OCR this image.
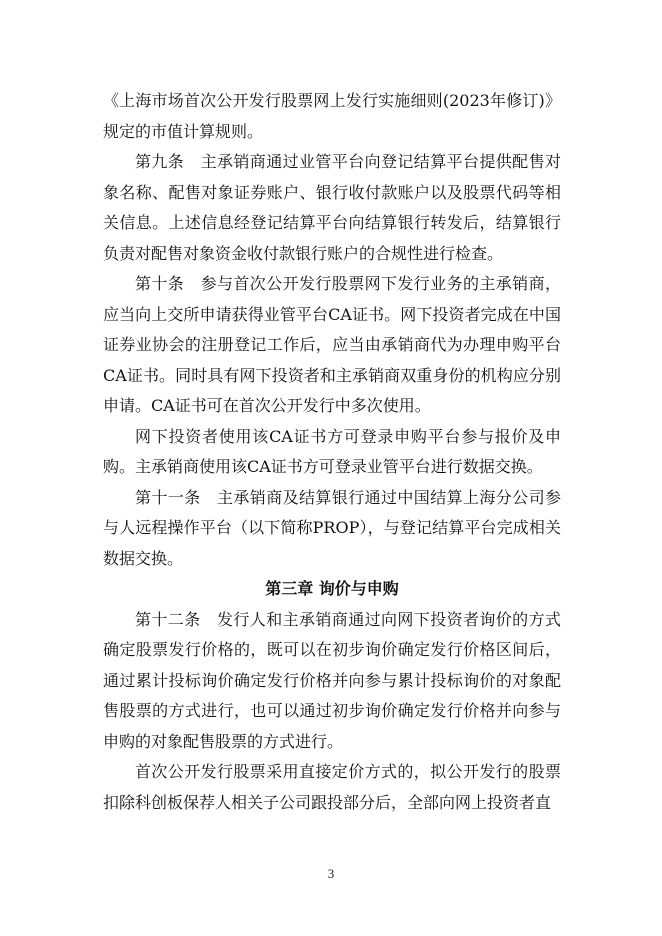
《上海市场首次公开发行股票网上发行实施细则(2023年修订)》规定的市值计算规则。

第九条　主承销商通过业管平台向登记结算平台提供配售对象名称、配售对象证券账户、银行收付款账户以及股票代码等相关信息。上述信息经登记结算平台向结算银行转发后，结算银行负责对配售对象资金收付款银行账户的合规性进行检查。

第十条　参与首次公开发行股票网下发行业务的主承销商，应当向上交所申请获得业管平台CA证书。网下投资者完成在中国证券业协会的注册登记工作后，应当由承销商代为办理申购平台CA证书。同时具有网下投资者和主承销商双重身份的机构应分别申请。CA证书可在首次公开发行中多次使用。

网下投资者使用该CA证书方可登录申购平台参与报价及申购。主承销商使用该CA证书方可登录业管平台进行数据交换。

第十一条　主承销商及结算银行通过中国结算上海分公司参与人远程操作平台（以下简称PROP），与登记结算平台完成相关数据交换。

第三章 询价与申购

第十二条　发行人和主承销商通过向网下投资者询价的方式确定股票发行价格的，既可以在初步询价确定发行价格区间后，通过累计投标询价确定发行价格并向参与累计投标询价的对象配售股票的方式进行，也可以通过初步询价确定发行价格并向参与申购的对象配售股票的方式进行。

首次公开发行股票采用直接定价方式的，拟公开发行的股票扣除科创板保荐人相关子公司跟投部分后，全部向网上投资者直

3
